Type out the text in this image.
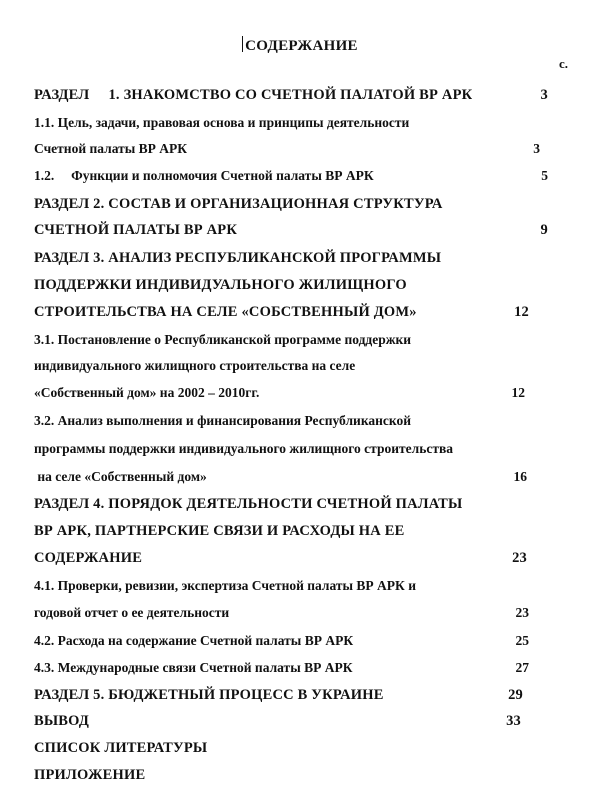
СОДЕРЖАНИЕ
с.
РАЗДЕЛ     1. ЗНАКОМСТВО СО СЧЕТНОЙ ПАЛАТОЙ ВР АРК	3
1.1. Цель, задачи, правовая основа и принципы деятельности
Счетной палаты ВР АРК	3
1.2.     Функции и полномочия Счетной палаты ВР АРК	5
РАЗДЕЛ 2. СОСТАВ И ОРГАНИЗАЦИОННАЯ СТРУКТУРА
СЧЕТНОЙ ПАЛАТЫ ВР АРК	9
РАЗДЕЛ 3. АНАЛИЗ РЕСПУБЛИКАНСКОЙ ПРОГРАММЫ
ПОДДЕРЖКИ ИНДИВИДУАЛЬНОГО ЖИЛИЩНОГО
СТРОИТЕЛЬСТВА НА СЕЛЕ «СОБСТВЕННЫЙ ДОМ»	12
3.1. Постановление о Республиканской программе поддержки
индивидуального жилищного строительства на селе
«Собственный дом» на 2002 – 2010гг.	12
3.2. Анализ выполнения и финансирования Республиканской
программы поддержки индивидуального жилищного строительства
на селе «Собственный дом»	16
РАЗДЕЛ 4. ПОРЯДОК ДЕЯТЕЛЬНОСТИ СЧЕТНОЙ ПАЛАТЫ
ВР АРК, ПАРТНЕРСКИЕ СВЯЗИ И РАСХОДЫ НА ЕЕ
СОДЕРЖАНИЕ	23
4.1. Проверки, ревизии, экспертиза Счетной палаты ВР АРК и
годовой отчет о ее деятельности	23
4.2. Расхода на содержание Счетной палаты ВР АРК	25
4.3. Международные связи Счетной палаты ВР АРК	27
РАЗДЕЛ 5. БЮДЖЕТНЫЙ ПРОЦЕСС В УКРАИНЕ	29
ВЫВОД	33
СПИСОК ЛИТЕРАТУРЫ
ПРИЛОЖЕНИЕ
